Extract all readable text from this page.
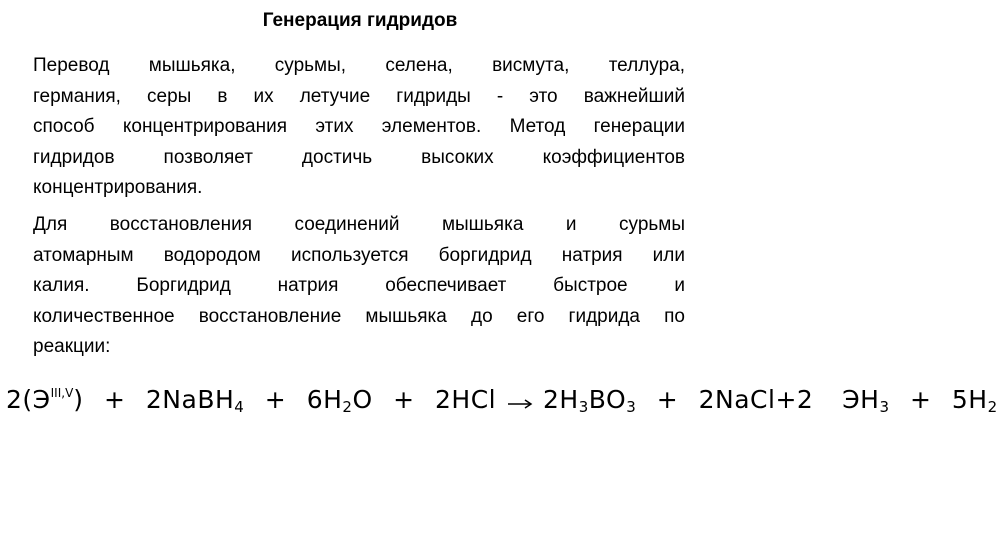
Генерация гидридов

Перевод мышьяка, сурьмы, селена, висмута, теллура,
германия, серы в их летучие гидриды - это важнейший
способ концентрирования этих элементов. Метод генерации
гидридов позволяет достичь высоких коэффициентов
концентрирования.

Для восстановления соединений мышьяка и сурьмы
атомарным водородом используется боргидрид натрия или
калия. Боргидрид натрия обеспечивает быстрое и
количественное восстановление мышьяка до его гидрида по
реакции:

$2(Э^{III,V})$ + 2NaBH$_4$ + $6H_2O + 2HCl \to 2H_3BO_3$ + 2NaCl+2 $ЭH_3 + 5H_2$
